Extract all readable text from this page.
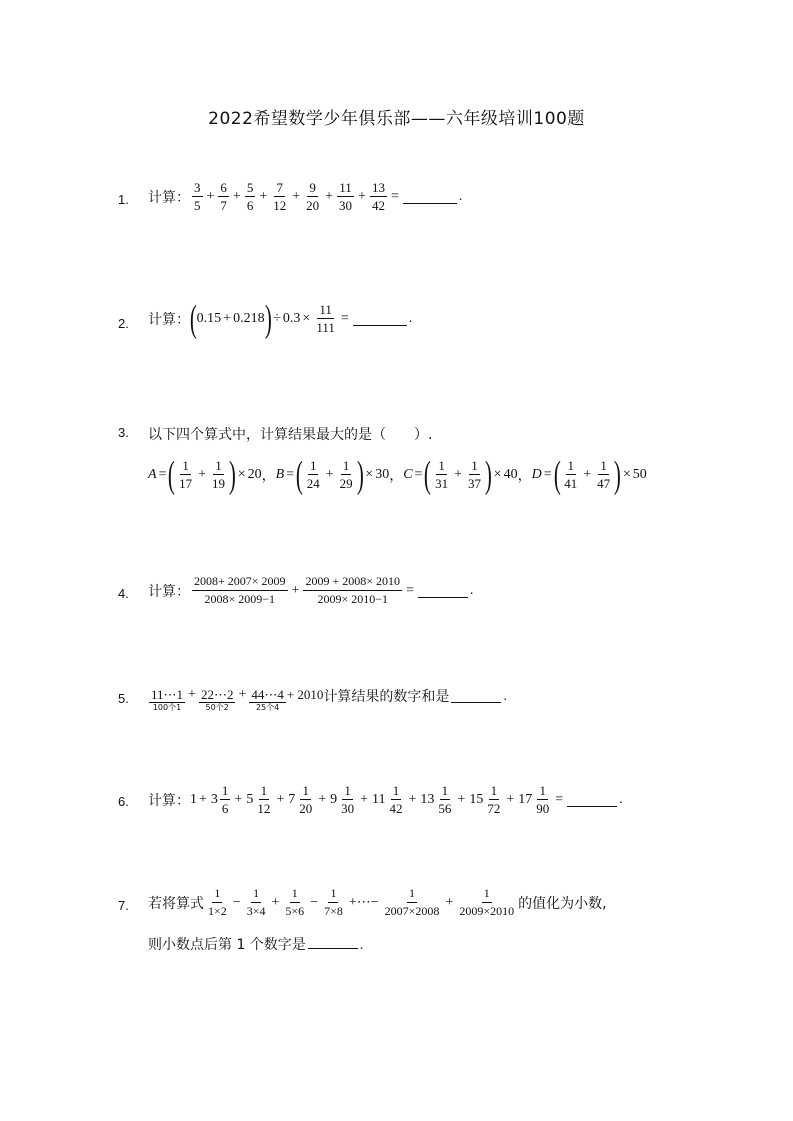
2022希望数学少年俱乐部——六年级培训100题
1. 计算： $\frac{3}{5} + \frac{6}{7} + \frac{5}{6} + \frac{7}{12} + \frac{9}{20} + \frac{11}{30} + \frac{13}{42}$ =	.
2. 计算： ( 0.15 + 0.218 ) ÷ $0.3 \times \frac{11}{111}$ =	.
3. 以下四个算式中，计算结果最大的是（　　）.
A = ( $\frac{1}{17} + \frac{1}{19}$ ) × 20 ， B = ( $\frac{1}{24} + \frac{1}{29}$ ) × 30 ， C = ( $\frac{1}{31} + \frac{1}{37}$ ) × 40 ， D = ( $\frac{1}{41} + \frac{1}{47}$ ) × 50
4. 计算： $\frac{2008+ 2007\times 2009}{2008\times 2009-1} + \frac{2009 + 2008\times 2010}{2009\times 2010-1}$ =	.
5. 11⋯1
100个1
+ 22⋯2
50个2
+ 44⋯4
25个4
+ 2010 计算结果的数字和是	.
6. 计算： $1 + 3 \frac{1}{6} + 5 \frac{1}{12} + 7 \frac{1}{20} + 9 \frac{1}{30} + 11 \frac{1}{42} + 13 \frac{1}{56} + 15 \frac{1}{72} + 17 \frac{1}{90}$ =	.
7. 若将算式 $\frac{1}{1\times 2} - \frac{1}{3\times 4} + \frac{1}{5\times 6} - \frac{1}{7\times 8}$ +⋯− $\frac{1}{2007\times 2008} + \frac{1}{2009\times 2010}$ 的值化为小数,
则小数点后第 1 个数字是	.
